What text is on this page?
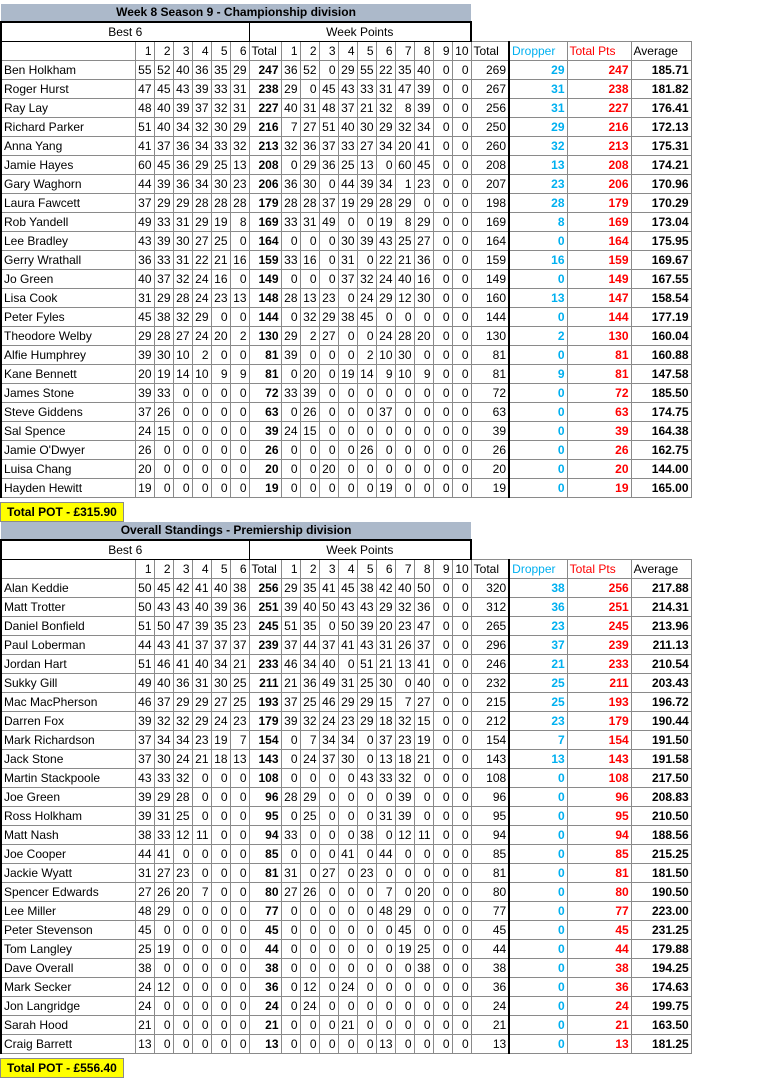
Week 8 Season 9 - Championship division																					
Best 6							Week Points														
	1	2	3	4	5	6	Total	1	2	3	4	5	6	7	8	9	10	Total	Dropper	Total Pts	Average
Ben Holkham	55	52	40	36	35	29	247	36	52	0	29	55	22	35	40	0	0	269	29	247	185.71
Roger Hurst	47	45	43	39	33	31	238	29	0	45	43	33	31	47	39	0	0	267	31	238	181.82
Ray Lay	48	40	39	37	32	31	227	40	31	48	37	21	32	8	39	0	0	256	31	227	176.41
Richard Parker	51	40	34	32	30	29	216	7	27	51	40	30	29	32	34	0	0	250	29	216	172.13
Anna Yang	41	37	36	34	33	32	213	32	36	37	33	27	34	20	41	0	0	260	32	213	175.31
Jamie Hayes	60	45	36	29	25	13	208	0	29	36	25	13	0	60	45	0	0	208	13	208	174.21
Gary Waghorn	44	39	36	34	30	23	206	36	30	0	44	39	34	1	23	0	0	207	23	206	170.96
Laura Fawcett	37	29	29	28	28	28	179	28	28	37	19	29	28	29	0	0	0	198	28	179	170.29
Rob Yandell	49	33	31	29	19	8	169	33	31	49	0	0	19	8	29	0	0	169	8	169	173.04
Lee Bradley	43	39	30	27	25	0	164	0	0	0	30	39	43	25	27	0	0	164	0	164	175.95
Gerry Wrathall	36	33	31	22	21	16	159	33	16	0	31	0	22	21	36	0	0	159	16	159	169.67
Jo Green	40	37	32	24	16	0	149	0	0	0	37	32	24	40	16	0	0	149	0	149	167.55
Lisa Cook	31	29	28	24	23	13	148	28	13	23	0	24	29	12	30	0	0	160	13	147	158.54
Peter Fyles	45	38	32	29	0	0	144	0	32	29	38	45	0	0	0	0	0	144	0	144	177.19
Theodore Welby	29	28	27	24	20	2	130	29	2	27	0	0	24	28	20	0	0	130	2	130	160.04
Alfie Humphrey	39	30	10	2	0	0	81	39	0	0	0	2	10	30	0	0	0	81	0	81	160.88
Kane Bennett	20	19	14	10	9	9	81	0	20	0	19	14	9	10	9	0	0	81	9	81	147.58
James Stone	39	33	0	0	0	0	72	33	39	0	0	0	0	0	0	0	0	72	0	72	185.50
Steve Giddens	37	26	0	0	0	0	63	0	26	0	0	0	37	0	0	0	0	63	0	63	174.75
Sal Spence	24	15	0	0	0	0	39	24	15	0	0	0	0	0	0	0	0	39	0	39	164.38
Jamie O'Dwyer	26	0	0	0	0	0	26	0	0	0	0	26	0	0	0	0	0	26	0	26	162.75
Luisa Chang	20	0	0	0	0	0	20	0	0	20	0	0	0	0	0	0	0	20	0	20	144.00
Hayden Hewitt	19	0	0	0	0	0	19	0	0	0	0	0	19	0	0	0	0	19	0	19	165.00
Total POT - £315.90
Overall Standings - Premiership division																					
Best 6							Week Points														
	1	2	3	4	5	6	Total	1	2	3	4	5	6	7	8	9	10	Total	Dropper	Total Pts	Average
Alan Keddie	50	45	42	41	40	38	256	29	35	41	45	38	42	40	50	0	0	320	38	256	217.88
Matt Trotter	50	43	43	40	39	36	251	39	40	50	43	43	29	32	36	0	0	312	36	251	214.31
Daniel Bonfield	51	50	47	39	35	23	245	51	35	0	50	39	20	23	47	0	0	265	23	245	213.96
Paul Loberman	44	43	41	37	37	37	239	37	44	37	41	43	31	26	37	0	0	296	37	239	211.13
Jordan Hart	51	46	41	40	34	21	233	46	34	40	0	51	21	13	41	0	0	246	21	233	210.54
Sukky Gill	49	40	36	31	30	25	211	21	36	49	31	25	30	0	40	0	0	232	25	211	203.43
Mac MacPherson	46	37	29	29	27	25	193	37	25	46	29	29	15	7	27	0	0	215	25	193	196.72
Darren Fox	39	32	32	29	24	23	179	39	32	24	23	29	18	32	15	0	0	212	23	179	190.44
Mark Richardson	37	34	34	23	19	7	154	0	7	34	34	0	37	23	19	0	0	154	7	154	191.50
Jack Stone	37	30	24	21	18	13	143	0	24	37	30	0	13	18	21	0	0	143	13	143	191.58
Martin Stackpoole	43	33	32	0	0	0	108	0	0	0	0	43	33	32	0	0	0	108	0	108	217.50
Joe Green	39	29	28	0	0	0	96	28	29	0	0	0	0	39	0	0	0	96	0	96	208.83
Ross Holkham	39	31	25	0	0	0	95	0	25	0	0	0	31	39	0	0	0	95	0	95	210.50
Matt Nash	38	33	12	11	0	0	94	33	0	0	0	38	0	12	11	0	0	94	0	94	188.56
Joe Cooper	44	41	0	0	0	0	85	0	0	0	41	0	44	0	0	0	0	85	0	85	215.25
Jackie Wyatt	31	27	23	0	0	0	81	31	0	27	0	23	0	0	0	0	0	81	0	81	181.50
Spencer Edwards	27	26	20	7	0	0	80	27	26	0	0	0	7	0	20	0	0	80	0	80	190.50
Lee Miller	48	29	0	0	0	0	77	0	0	0	0	0	48	29	0	0	0	77	0	77	223.00
Peter Stevenson	45	0	0	0	0	0	45	0	0	0	0	0	0	45	0	0	0	45	0	45	231.25
Tom Langley	25	19	0	0	0	0	44	0	0	0	0	0	0	19	25	0	0	44	0	44	179.88
Dave Overall	38	0	0	0	0	0	38	0	0	0	0	0	0	0	38	0	0	38	0	38	194.25
Mark Secker	24	12	0	0	0	0	36	0	12	0	24	0	0	0	0	0	0	36	0	36	174.63
Jon Langridge	24	0	0	0	0	0	24	0	24	0	0	0	0	0	0	0	0	24	0	24	199.75
Sarah Hood	21	0	0	0	0	0	21	0	0	0	21	0	0	0	0	0	0	21	0	21	163.50
Craig Barrett	13	0	0	0	0	0	13	0	0	0	0	0	13	0	0	0	0	13	0	13	181.25
Total POT - £556.40
